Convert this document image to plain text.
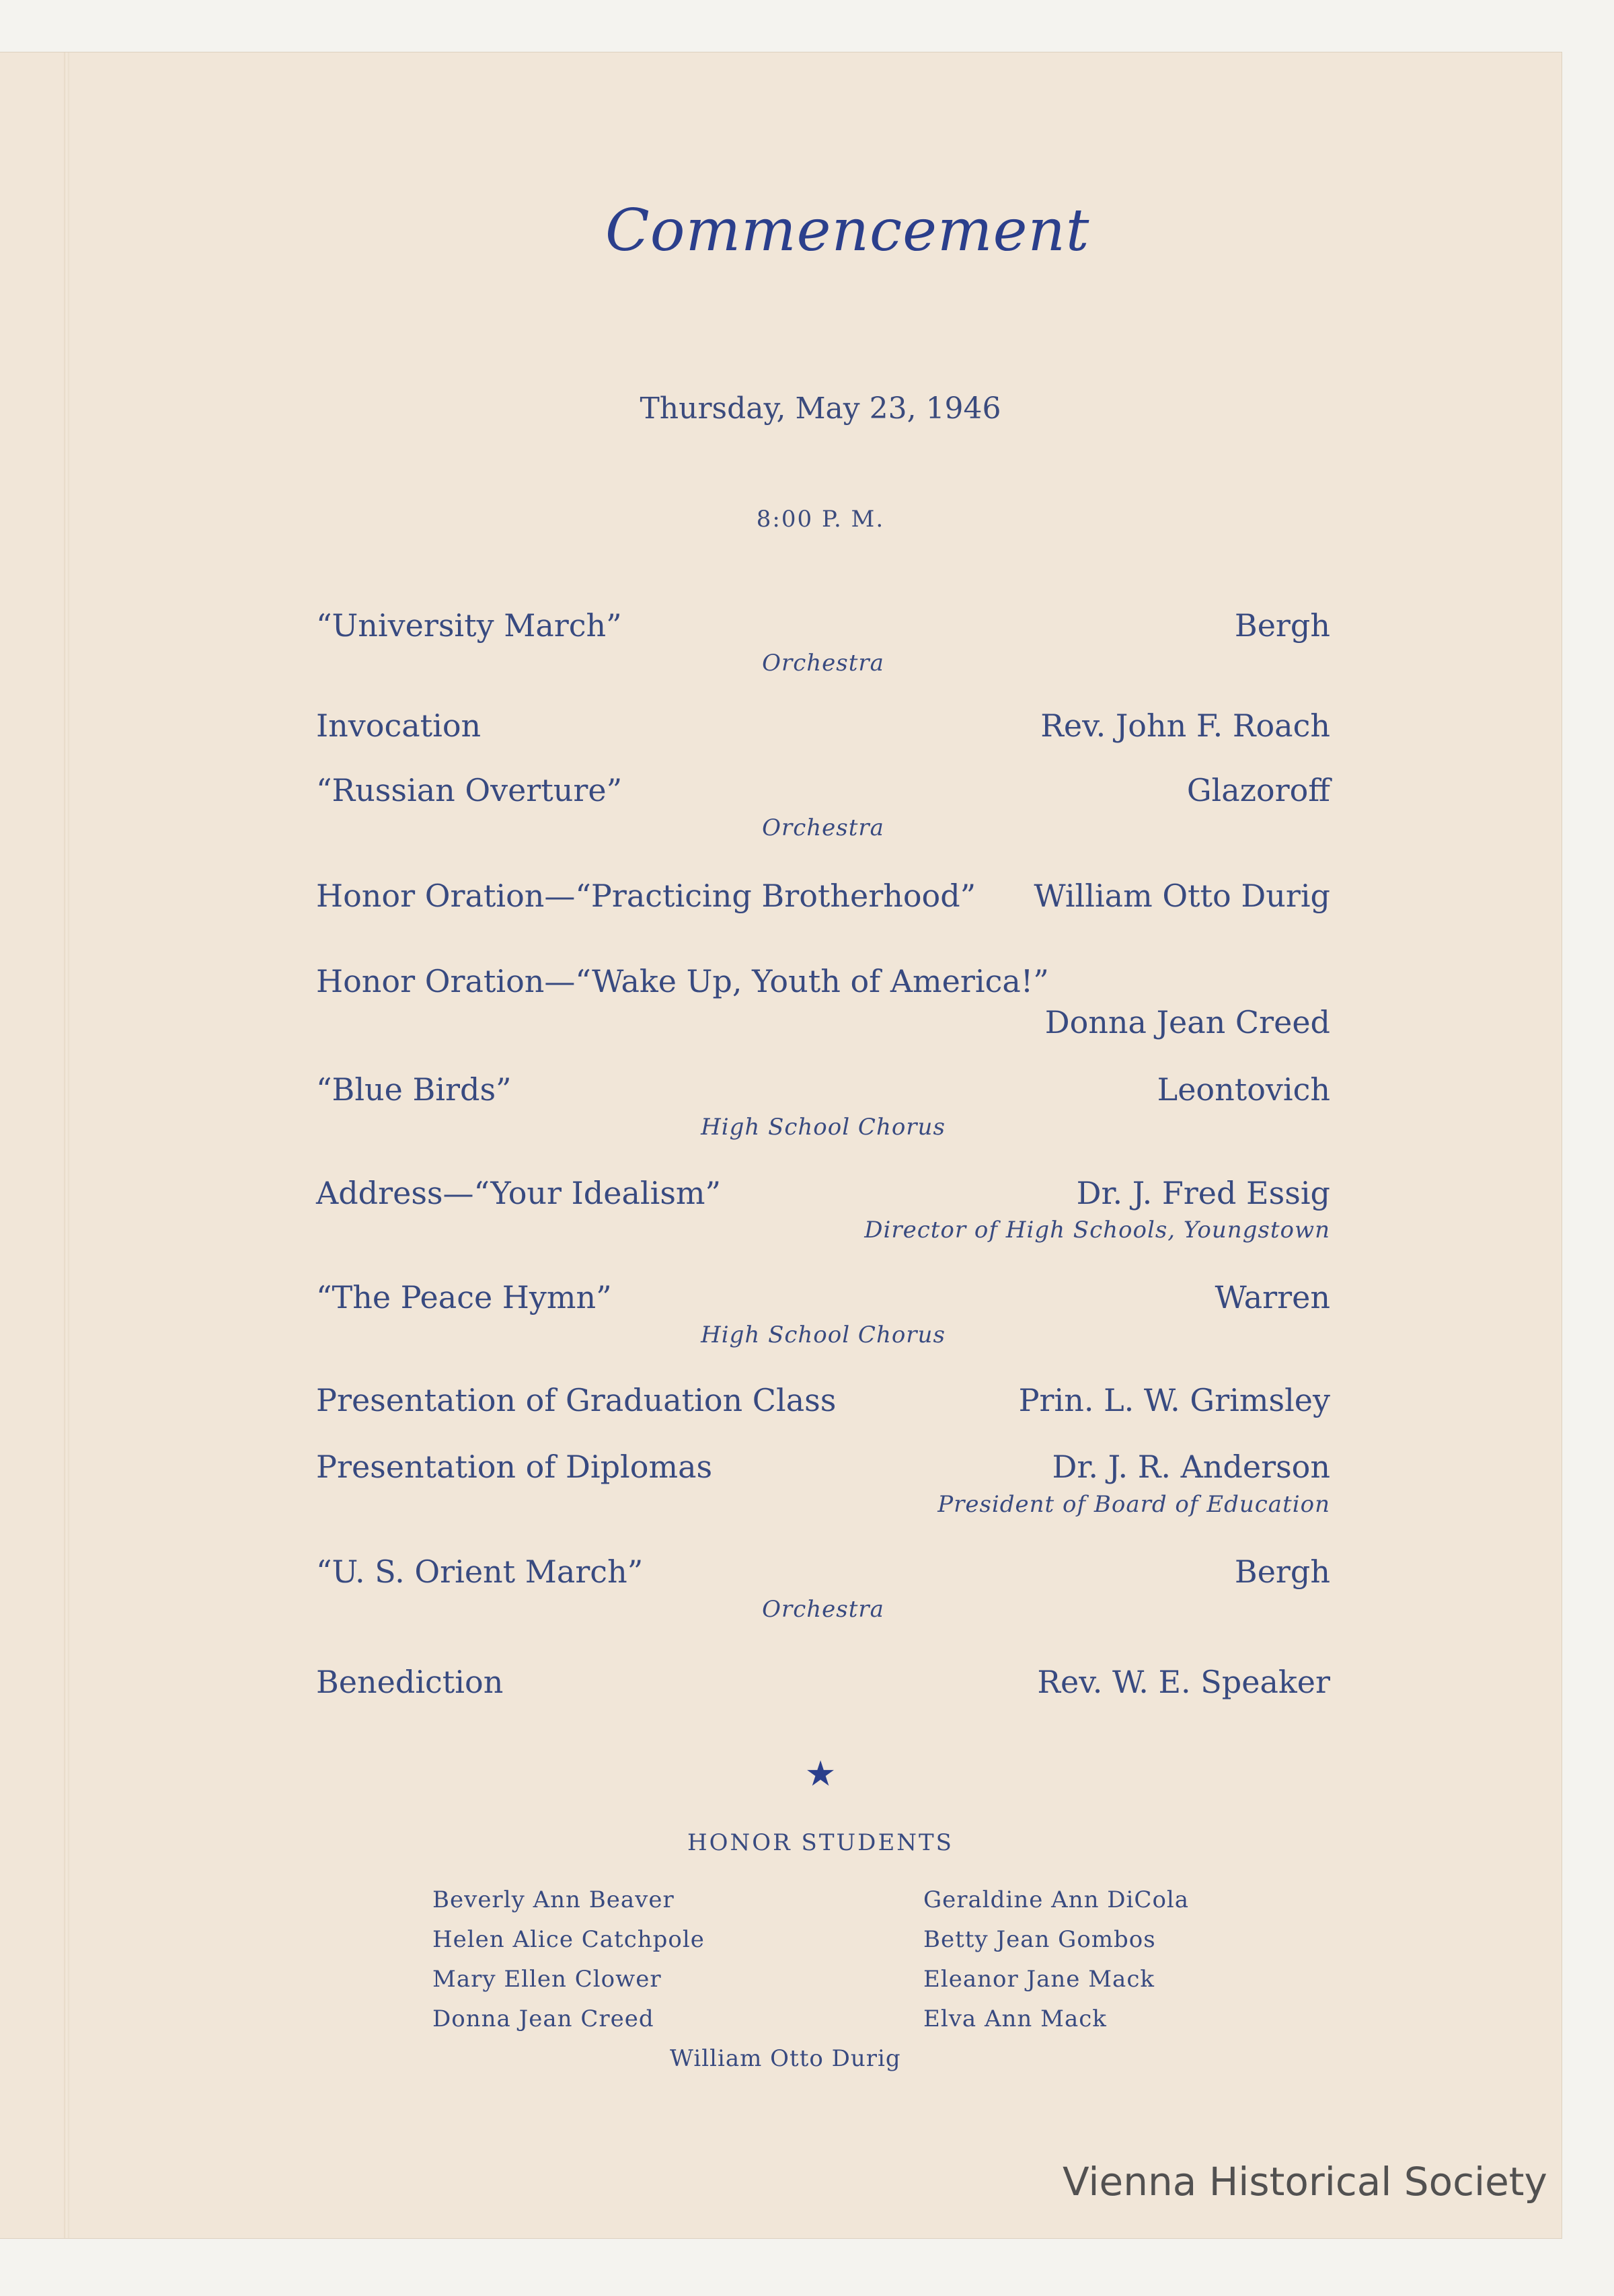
Commencement
Thursday, May 23, 1946
8:00 P. M.
“University March”	Bergh
Orchestra
Invocation	Rev. John F. Roach
“Russian Overture”	Glazoroff
Orchestra
Honor Oration—“Practicing Brotherhood” William Otto Durig
Honor Oration—“Wake Up, Youth of America!”
Donna Jean Creed
“Blue Birds”	Leontovich
High School Chorus
Address—“Your Idealism”	Dr. J. Fred Essig
Director of High Schools, Youngstown
“The Peace Hymn”	Warren
High School Chorus
Presentation of Graduation Class	Prin. L. W. Grimsley
Presentation of Diplomas	Dr. J. R. Anderson
President of Board of Education
“U. S. Orient March”	Bergh
Orchestra
Benediction	Rev. W. E. Speaker
★
HONOR STUDENTS
Beverly Ann Beaver
Helen Alice Catchpole
Mary Ellen Clower
Donna Jean Creed
Geraldine Ann DiCola
Betty Jean Gombos
Eleanor Jane Mack
Elva Ann Mack
William Otto Durig
Vienna Historical Society
